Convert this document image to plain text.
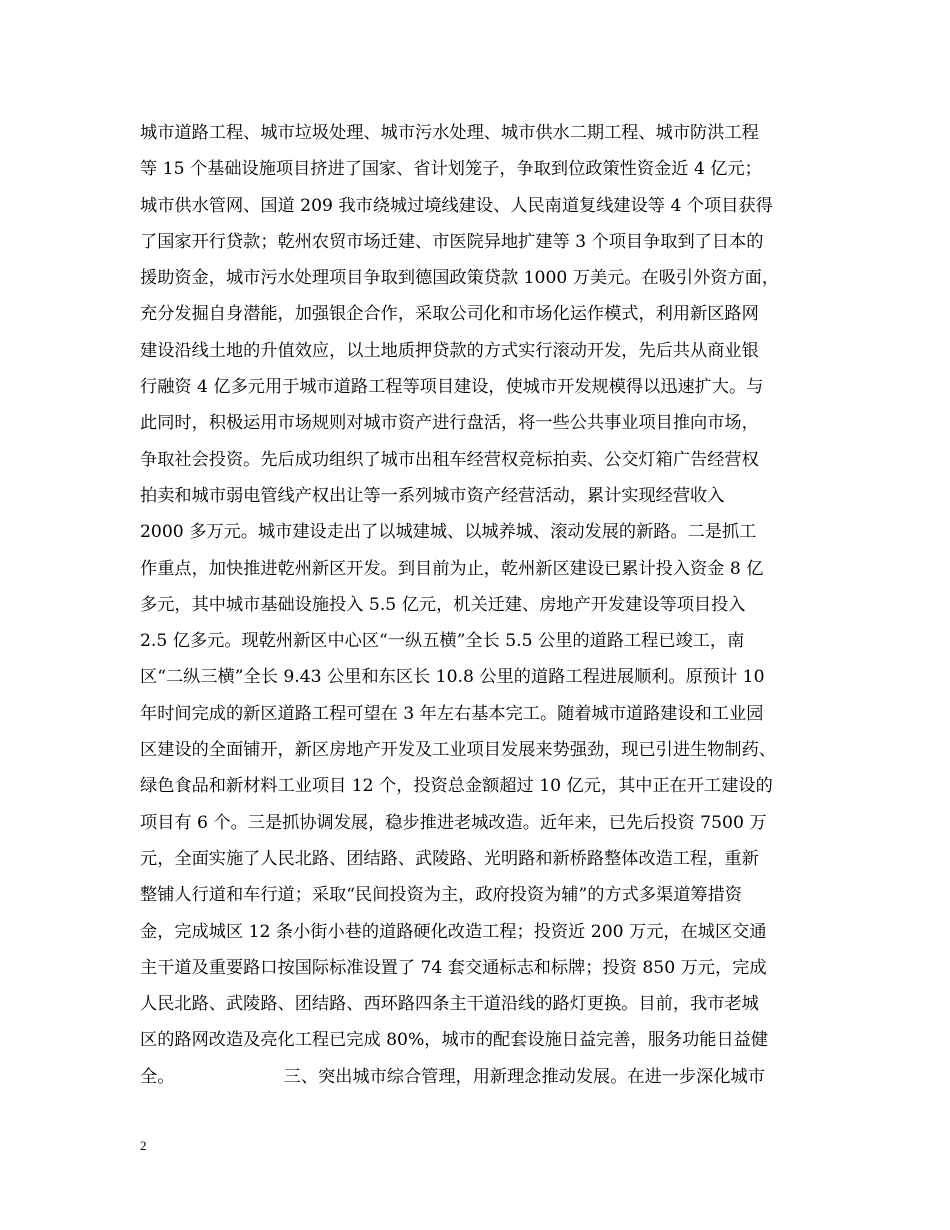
城市道路工程、城市垃圾处理、城市污水处理、城市供水二期工程、城市防洪工程
等 15 个基础设施项目挤进了国家、省计划笼子，争取到位政策性资金近 4 亿元；
城市供水管网、国道 209 我市绕城过境线建设、人民南道复线建设等 4 个项目获得
了国家开行贷款；乾州农贸市场迁建、市医院异地扩建等 3 个项目争取到了日本的
援助资金，城市污水处理项目争取到德国政策贷款 1000 万美元。在吸引外资方面，
充分发掘自身潜能，加强银企合作，采取公司化和市场化运作模式，利用新区路网
建设沿线土地的升值效应，以土地质押贷款的方式实行滚动开发，先后共从商业银
行融资 4 亿多元用于城市道路工程等项目建设，使城市开发规模得以迅速扩大。与
此同时，积极运用市场规则对城市资产进行盘活，将一些公共事业项目推向市场，
争取社会投资。先后成功组织了城市出租车经营权竞标拍卖、公交灯箱广告经营权
拍卖和城市弱电管线产权出让等一系列城市资产经营活动，累计实现经营收入
2000 多万元。城市建设走出了以城建城、以城养城、滚动发展的新路。二是抓工
作重点，加快推进乾州新区开发。到目前为止，乾州新区建设已累计投入资金 8 亿
多元，其中城市基础设施投入 5.5 亿元，机关迁建、房地产开发建设等项目投入
2.5 亿多元。现乾州新区中心区“一纵五横”全长 5.5 公里的道路工程已竣工，南
区“二纵三横”全长 9.43 公里和东区长 10.8 公里的道路工程进展顺利。原预计 10
年时间完成的新区道路工程可望在 3 年左右基本完工。随着城市道路建设和工业园
区建设的全面铺开，新区房地产开发及工业项目发展来势强劲，现已引进生物制药、
绿色食品和新材料工业项目 12 个，投资总金额超过 10 亿元，其中正在开工建设的
项目有 6 个。三是抓协调发展，稳步推进老城改造。近年来，已先后投资 7500 万
元，全面实施了人民北路、团结路、武陵路、光明路和新桥路整体改造工程，重新
整铺人行道和车行道；采取“民间投资为主，政府投资为辅”的方式多渠道筹措资
金，完成城区 12 条小街小巷的道路硬化改造工程；投资近 200 万元，在城区交通
主干道及重要路口按国际标准设置了 74 套交通标志和标牌；投资 850 万元，完成
人民北路、武陵路、团结路、西环路四条主干道沿线的路灯更换。目前，我市老城
区的路网改造及亮化工程已完成 80%，城市的配套设施日益完善，服务功能日益健
全。                    三、突出城市综合管理，用新理念推动发展。在进一步深化城市
2
